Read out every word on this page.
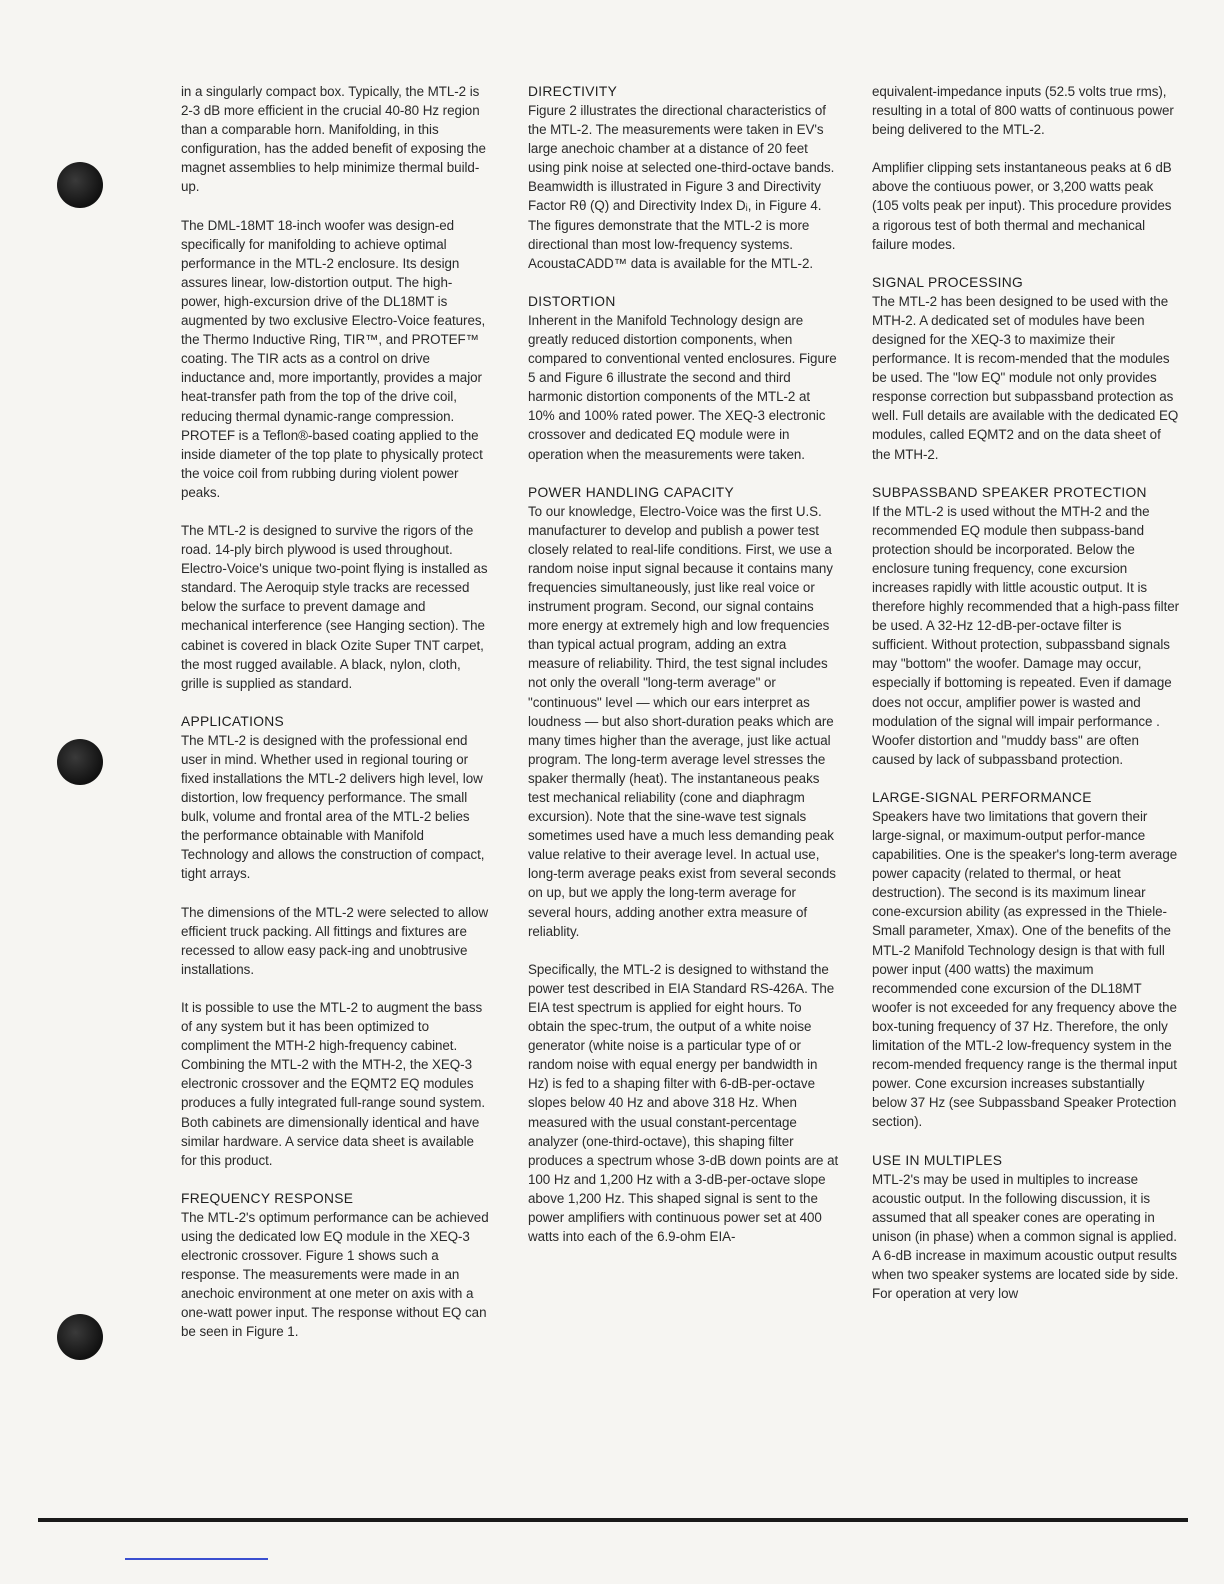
in a singularly compact box. Typically, the MTL-2 is 2-3 dB more efficient in the crucial 40-80 Hz region than a comparable horn. Manifolding, in this configuration, has the added benefit of exposing the magnet assemblies to help minimize thermal build-up.

The DML-18MT 18-inch woofer was design-ed specifically for manifolding to achieve optimal performance in the MTL-2 enclosure. Its design assures linear, low-distortion output. The high-power, high-excursion drive of the DL18MT is augmented by two exclusive Electro-Voice features, the Thermo Inductive Ring, TIR™, and PROTEF™ coating. The TIR acts as a control on drive inductance and, more importantly, provides a major heat-transfer path from the top of the drive coil, reducing thermal dynamic-range compression. PROTEF is a Teflon®-based coating applied to the inside diameter of the top plate to physically protect the voice coil from rubbing during violent power peaks.

The MTL-2 is designed to survive the rigors of the road. 14-ply birch plywood is used throughout. Electro-Voice's unique two-point flying is installed as standard. The Aeroquip style tracks are recessed below the surface to prevent damage and mechanical interference (see Hanging section). The cabinet is covered in black Ozite Super TNT carpet, the most rugged available. A black, nylon, cloth, grille is supplied as standard.

APPLICATIONS

The MTL-2 is designed with the professional end user in mind. Whether used in regional touring or fixed installations the MTL-2 delivers high level, low distortion, low frequency performance. The small bulk, volume and frontal area of the MTL-2 belies the performance obtainable with Manifold Technology and allows the construction of compact, tight arrays.

The dimensions of the MTL-2 were selected to allow efficient truck packing. All fittings and fixtures are recessed to allow easy pack-ing and unobtrusive installations.

It is possible to use the MTL-2 to augment the bass of any system but it has been optimized to compliment the MTH-2 high-frequency cabinet. Combining the MTL-2 with the MTH-2, the XEQ-3 electronic crossover and the EQMT2 EQ modules produces a fully integrated full-range sound system. Both cabinets are dimensionally identical and have similar hardware. A service data sheet is available for this product.

FREQUENCY RESPONSE

The MTL-2's optimum performance can be achieved using the dedicated low EQ module in the XEQ-3 electronic crossover. Figure 1 shows such a response. The measurements were made in an anechoic environment at one meter on axis with a one-watt power input. The response without EQ can be seen in Figure 1.

DIRECTIVITY

Figure 2 illustrates the directional characteristics of the MTL-2. The measurements were taken in EV's large anechoic chamber at a distance of 20 feet using pink noise at selected one-third-octave bands. Beamwidth is illustrated in Figure 3 and Directivity Factor Rθ (Q) and Directivity Index Dᵢ, in Figure 4. The figures demonstrate that the MTL-2 is more directional than most low-frequency systems. AcoustaCADD™ data is available for the MTL-2.

DISTORTION

Inherent in the Manifold Technology design are greatly reduced distortion components, when compared to conventional vented enclosures. Figure 5 and Figure 6 illustrate the second and third harmonic distortion components of the MTL-2 at 10% and 100% rated power. The XEQ-3 electronic crossover and dedicated EQ module were in operation when the measurements were taken.

POWER HANDLING CAPACITY

To our knowledge, Electro-Voice was the first U.S. manufacturer to develop and publish a power test closely related to real-life conditions. First, we use a random noise input signal because it contains many frequencies simultaneously, just like real voice or instrument program. Second, our signal contains more energy at extremely high and low frequencies than typical actual program, adding an extra measure of reliability. Third, the test signal includes not only the overall "long-term average" or "continuous" level — which our ears interpret as loudness — but also short-duration peaks which are many times higher than the average, just like actual program. The long-term average level stresses the spaker thermally (heat). The instantaneous peaks test mechanical reliability (cone and diaphragm excursion). Note that the sine-wave test signals sometimes used have a much less demanding peak value relative to their average level. In actual use, long-term average peaks exist from several seconds on up, but we apply the long-term average for several hours, adding another extra measure of reliablity.

Specifically, the MTL-2 is designed to withstand the power test described in EIA Standard RS-426A. The EIA test spectrum is applied for eight hours. To obtain the spec-trum, the output of a white noise generator (white noise is a particular type of or random noise with equal energy per bandwidth in Hz) is fed to a shaping filter with 6-dB-per-octave slopes below 40 Hz and above 318 Hz. When measured with the usual constant-percentage analyzer (one-third-octave), this shaping filter produces a spectrum whose 3-dB down points are at 100 Hz and 1,200 Hz with a 3-dB-per-octave slope above 1,200 Hz. This shaped signal is sent to the power amplifiers with continuous power set at 400 watts into each of the 6.9-ohm EIA-

equivalent-impedance inputs (52.5 volts true rms), resulting in a total of 800 watts of continuous power being delivered to the MTL-2.

Amplifier clipping sets instantaneous peaks at 6 dB above the contiuous power, or 3,200 watts peak (105 volts peak per input). This procedure provides a rigorous test of both thermal and mechanical failure modes.

SIGNAL PROCESSING

The MTL-2 has been designed to be used with the MTH-2. A dedicated set of modules have been designed for the XEQ-3 to maximize their performance. It is recom-mended that the modules be used. The "low EQ" module not only provides response correction but subpassband protection as well. Full details are available with the dedicated EQ modules, called EQMT2 and on the data sheet of the MTH-2.

SUBPASSBAND SPEAKER PROTECTION

If the MTL-2 is used without the MTH-2 and the recommended EQ module then subpass-band protection should be incorporated. Below the enclosure tuning frequency, cone excursion increases rapidly with little acoustic output. It is therefore highly recommended that a high-pass filter be used. A 32-Hz 12-dB-per-octave filter is sufficient. Without protection, subpassband signals may "bottom" the woofer. Damage may occur, especially if bottoming is repeated. Even if damage does not occur, amplifier power is wasted and modulation of the signal will impair performance . Woofer distortion and "muddy bass" are often caused by lack of subpassband protection.

LARGE-SIGNAL PERFORMANCE

Speakers have two limitations that govern their large-signal, or maximum-output perfor-mance capabilities. One is the speaker's long-term average power capacity (related to thermal, or heat destruction). The second is its maximum linear cone-excursion ability (as expressed in the Thiele-Small parameter, Xmax). One of the benefits of the MTL-2 Manifold Technology design is that with full power input (400 watts) the maximum recommended cone excursion of the DL18MT woofer is not exceeded for any frequency above the box-tuning frequency of 37 Hz. Therefore, the only limitation of the MTL-2 low-frequency system in the recom-mended frequency range is the thermal input power. Cone excursion increases substantially below 37 Hz (see Subpassband Speaker Protection section).

USE IN MULTIPLES

MTL-2's may be used in multiples to increase acoustic output. In the following discussion, it is assumed that all speaker cones are operating in unison (in phase) when a common signal is applied. A 6-dB increase in maximum acoustic output results when two speaker systems are located side by side. For operation at very low
